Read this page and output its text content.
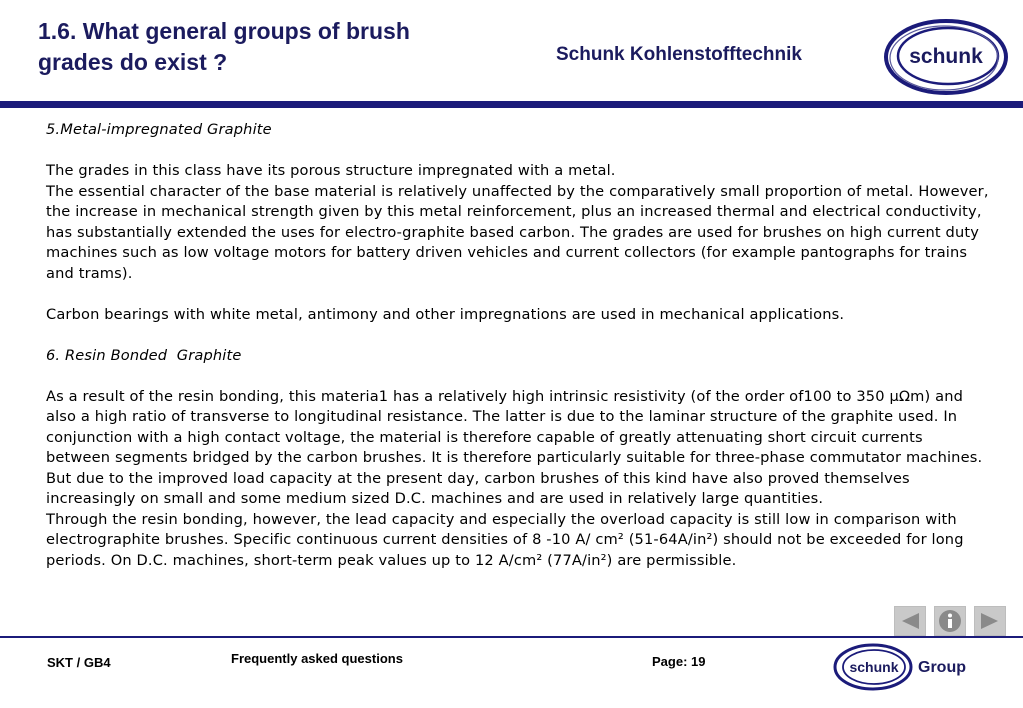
1.6. What general groups of brush
grades do exist ?	Schunk Kohlenstofftechnik	schunk

5.Metal-impregnated Graphite

The grades in this class have its porous structure impregnated with a metal.

The essential character of the base material is relatively unaffected by the comparatively small proportion of metal. However, the increase in mechanical strength given by this metal reinforcement, plus an increased thermal and electrical conductivity, has substantially extended the uses for electro-graphite based carbon. The grades are used for brushes on high current duty machines such as low voltage motors for battery driven vehicles and current collectors (for example pantographs for trains and trams).

Carbon bearings with white metal, antimony and other impregnations are used in mechanical applications.

6. Resin Bonded  Graphite

As a result of the resin bonding, this materia1 has a relatively high intrinsic resistivity (of the order of100 to 350 µΩm) and also a high ratio of transverse to longitudinal resistance. The latter is due to the laminar structure of the graphite used. In conjunction with a high contact voltage, the material is therefore capable of greatly attenuating short circuit currents between segments bridged by the carbon brushes. It is therefore particularly suitable for three-phase commutator machines. But due to the improved load capacity at the present day, carbon brushes of this kind have also proved themselves increasingly on small and some medium sized D.C. machines and are used in relatively large quantities.

Through the resin bonding, however, the lead capacity and especially the overload capacity is still low in comparison with electrographite brushes. Specific continuous current densities of 8 -10 A/ cm² (51-64A/in²) should not be exceeded for long periods. On D.C. machines, short-term peak values up to 12 A/cm² (77A/in²) are permissible.

SKT / GB4	Frequently asked questions	Page: 19	schunk Group
